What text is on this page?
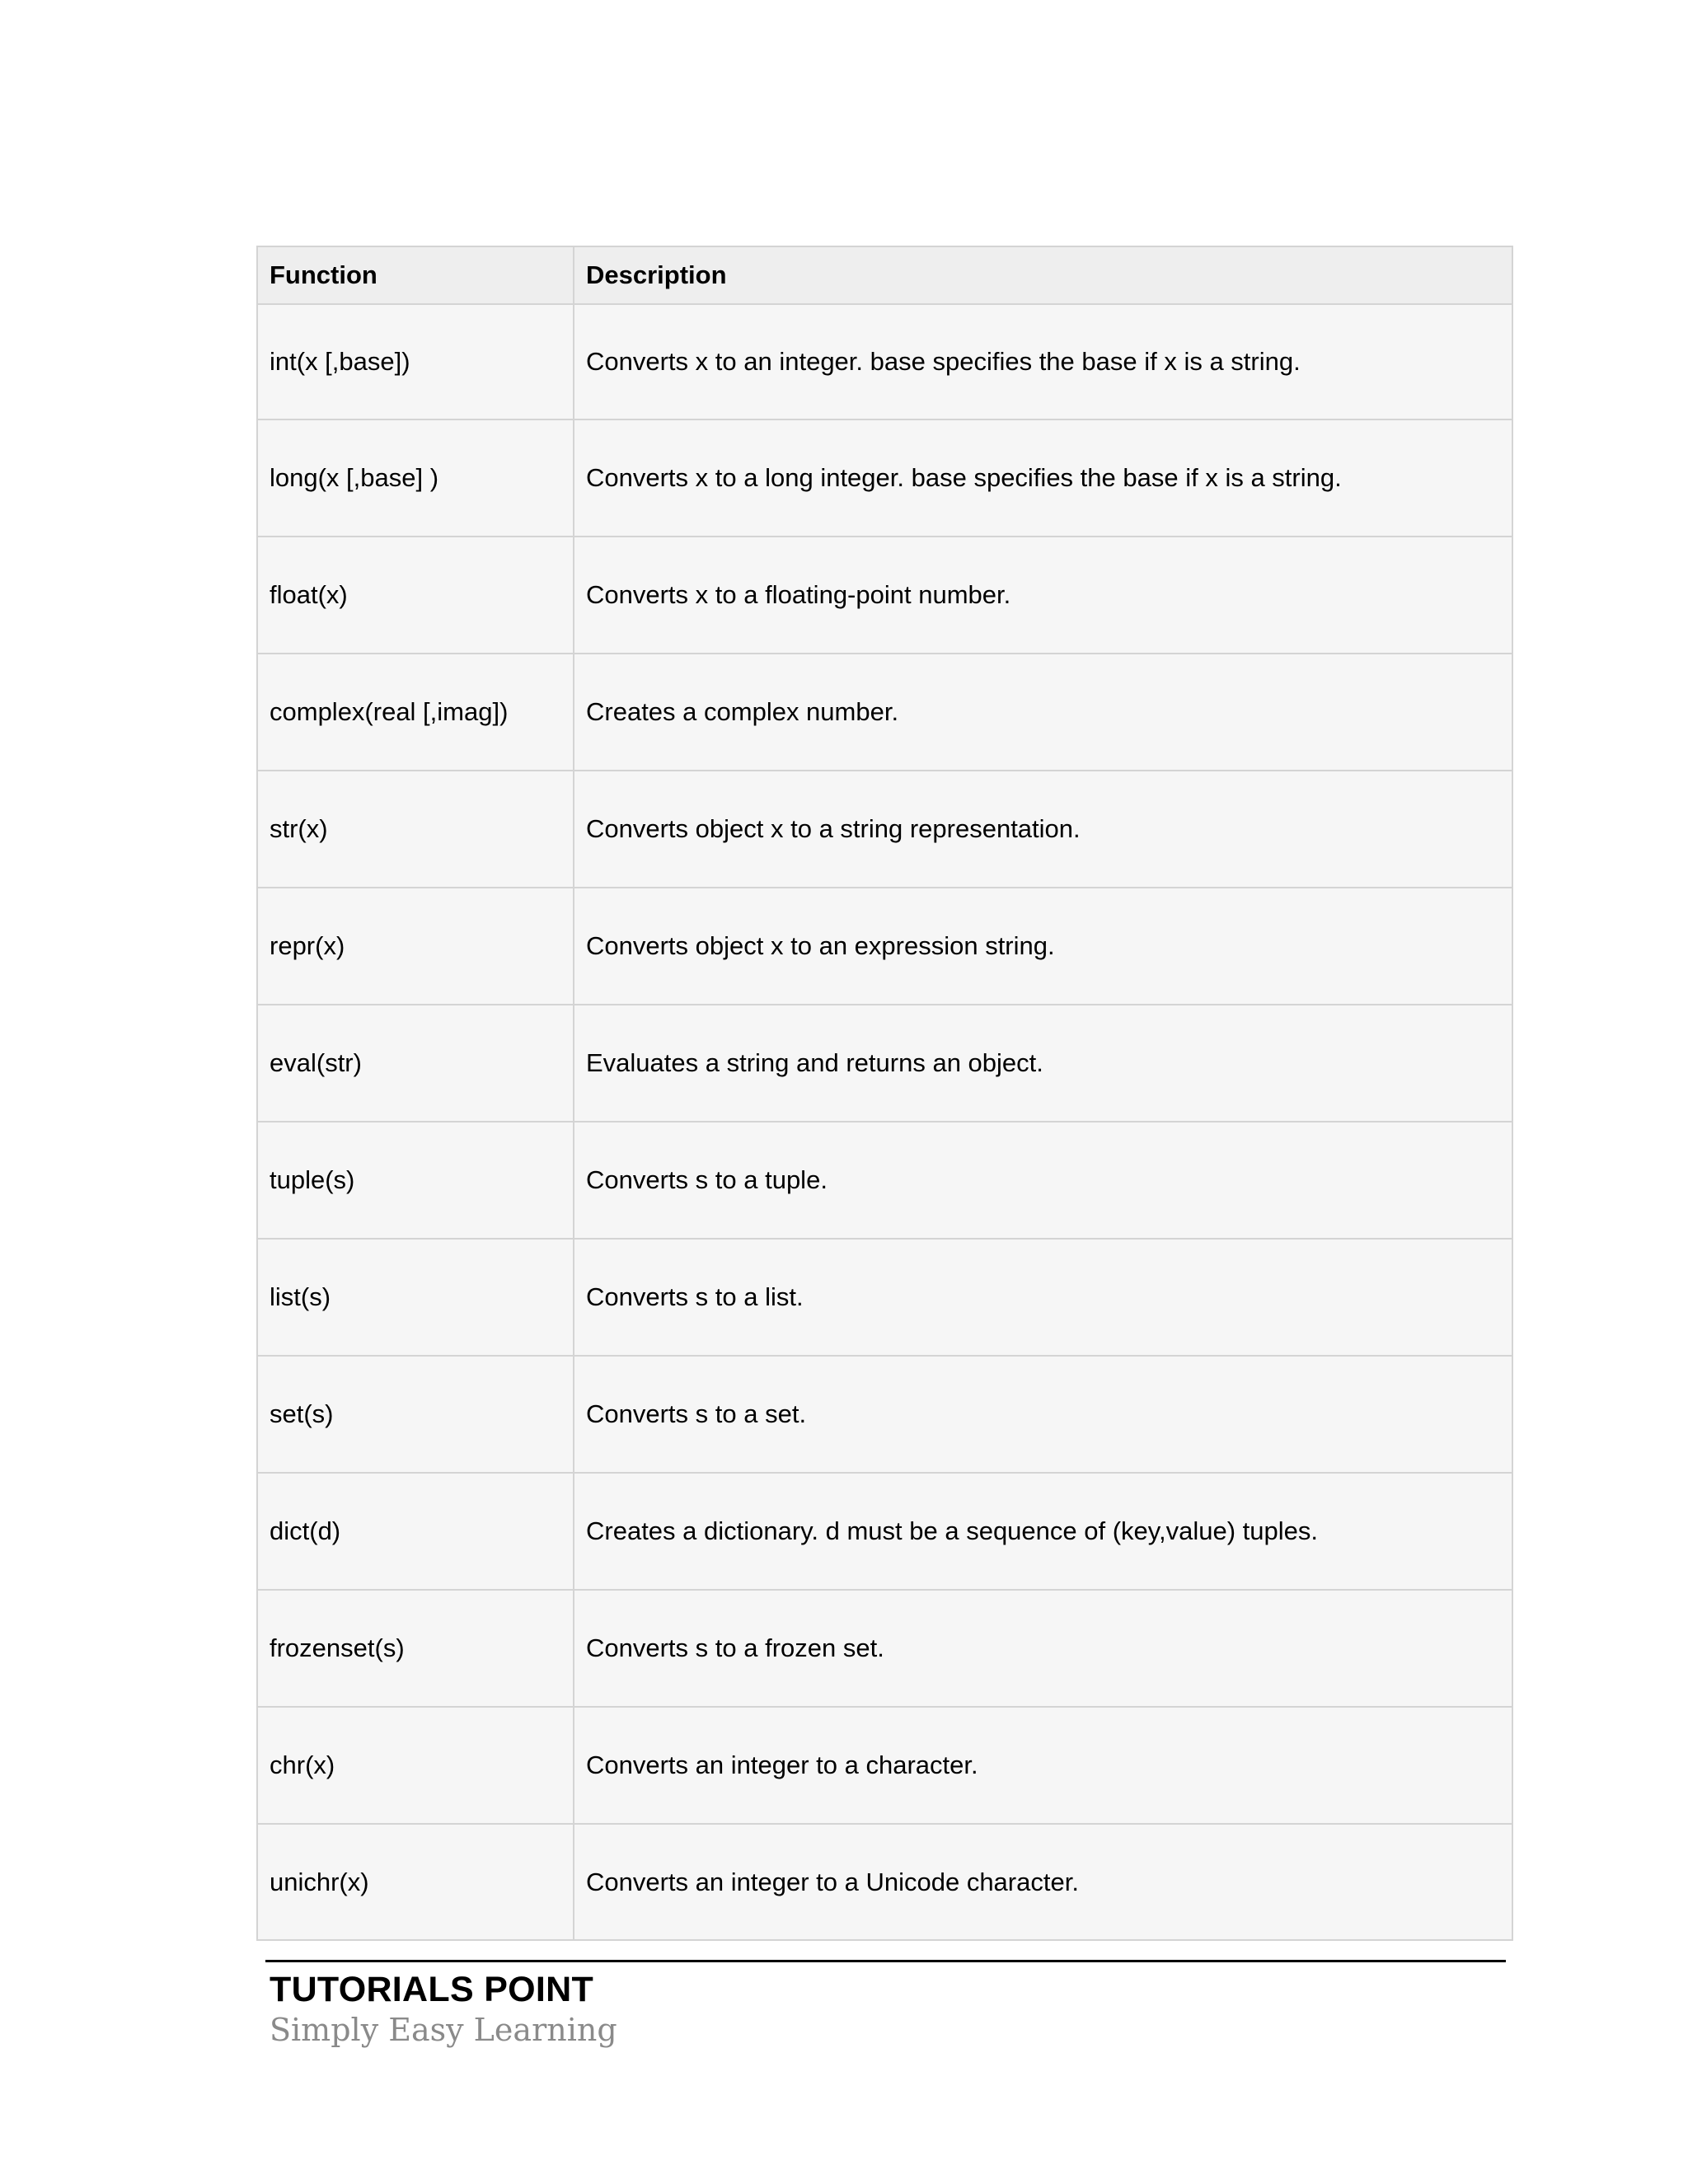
Function	Description
int(x [,base])	Converts x to an integer. base specifies the base if x is a string.
long(x [,base] )	Converts x to a long integer. base specifies the base if x is a string.
float(x)	Converts x to a floating-point number.
complex(real [,imag])	Creates a complex number.
str(x)	Converts object x to a string representation.
repr(x)	Converts object x to an expression string.
eval(str)	Evaluates a string and returns an object.
tuple(s)	Converts s to a tuple.
list(s)	Converts s to a list.
set(s)	Converts s to a set.
dict(d)	Creates a dictionary. d must be a sequence of (key,value) tuples.
frozenset(s)	Converts s to a frozen set.
chr(x)	Converts an integer to a character.
unichr(x)	Converts an integer to a Unicode character.
TUTORIALS POINT
Simply Easy Learning
